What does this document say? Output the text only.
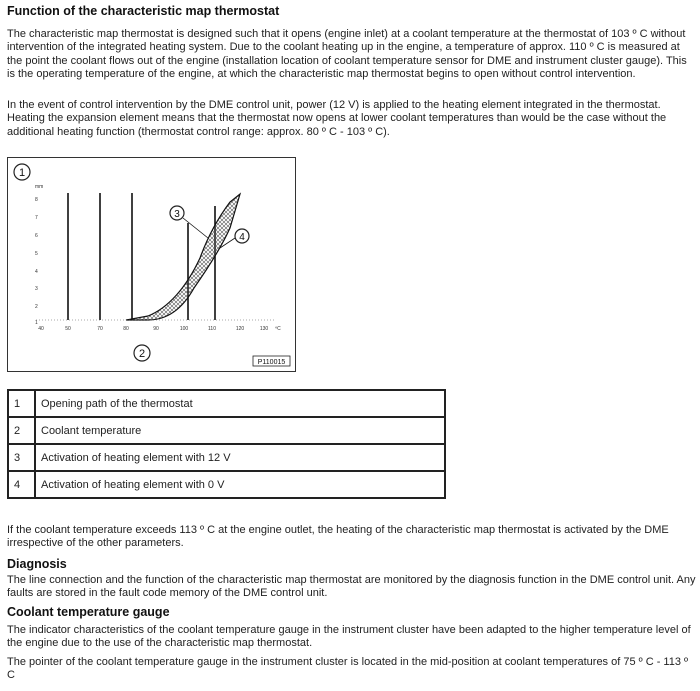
Function of the characteristic map thermostat

The characteristic map thermostat is designed such that it opens (engine inlet) at a coolant temperature at the thermostat of 103 º C without intervention of the integrated heating system. Due to the coolant heating up in the engine, a temperature of approx. 110 º C is measured at the point the coolant flows out of the engine (installation location of coolant temperature sensor for DME and instrument cluster gauge). This is the operating temperature of the engine, at which the characteristic map thermostat begins to open without control intervention.

In the event of control intervention by the DME control unit, power (12 V) is applied to the heating element integrated in the thermostat. Heating the expansion element means that the thermostat now opens at lower coolant temperatures than would be the case without the additional heating function (thermostat control range: approx. 80 º C - 103 º C).

1
mm
8
7
6
5
4
3
2
1
3
4
40	50	70	80	90	100	110	120	130 ºC
2
P110015
1	Opening path of the thermostat
2	Coolant temperature
3	Activation of heating element with 12 V
4	Activation of heating element with 0 V

If the coolant temperature exceeds 113 º C at the engine outlet, the heating of the characteristic map thermostat is activated by the DME irrespective of the other parameters.

Diagnosis

The line connection and the function of the characteristic map thermostat are monitored by the diagnosis function in the DME control unit. Any faults are stored in the fault code memory of the DME control unit.

Coolant temperature gauge

The indicator characteristics of the coolant temperature gauge in the instrument cluster have been adapted to the higher temperature level of the engine due to the use of the characteristic map thermostat.

The pointer of the coolant temperature gauge in the instrument cluster is located in the mid-position at coolant temperatures of 75 º C - 113 º C
